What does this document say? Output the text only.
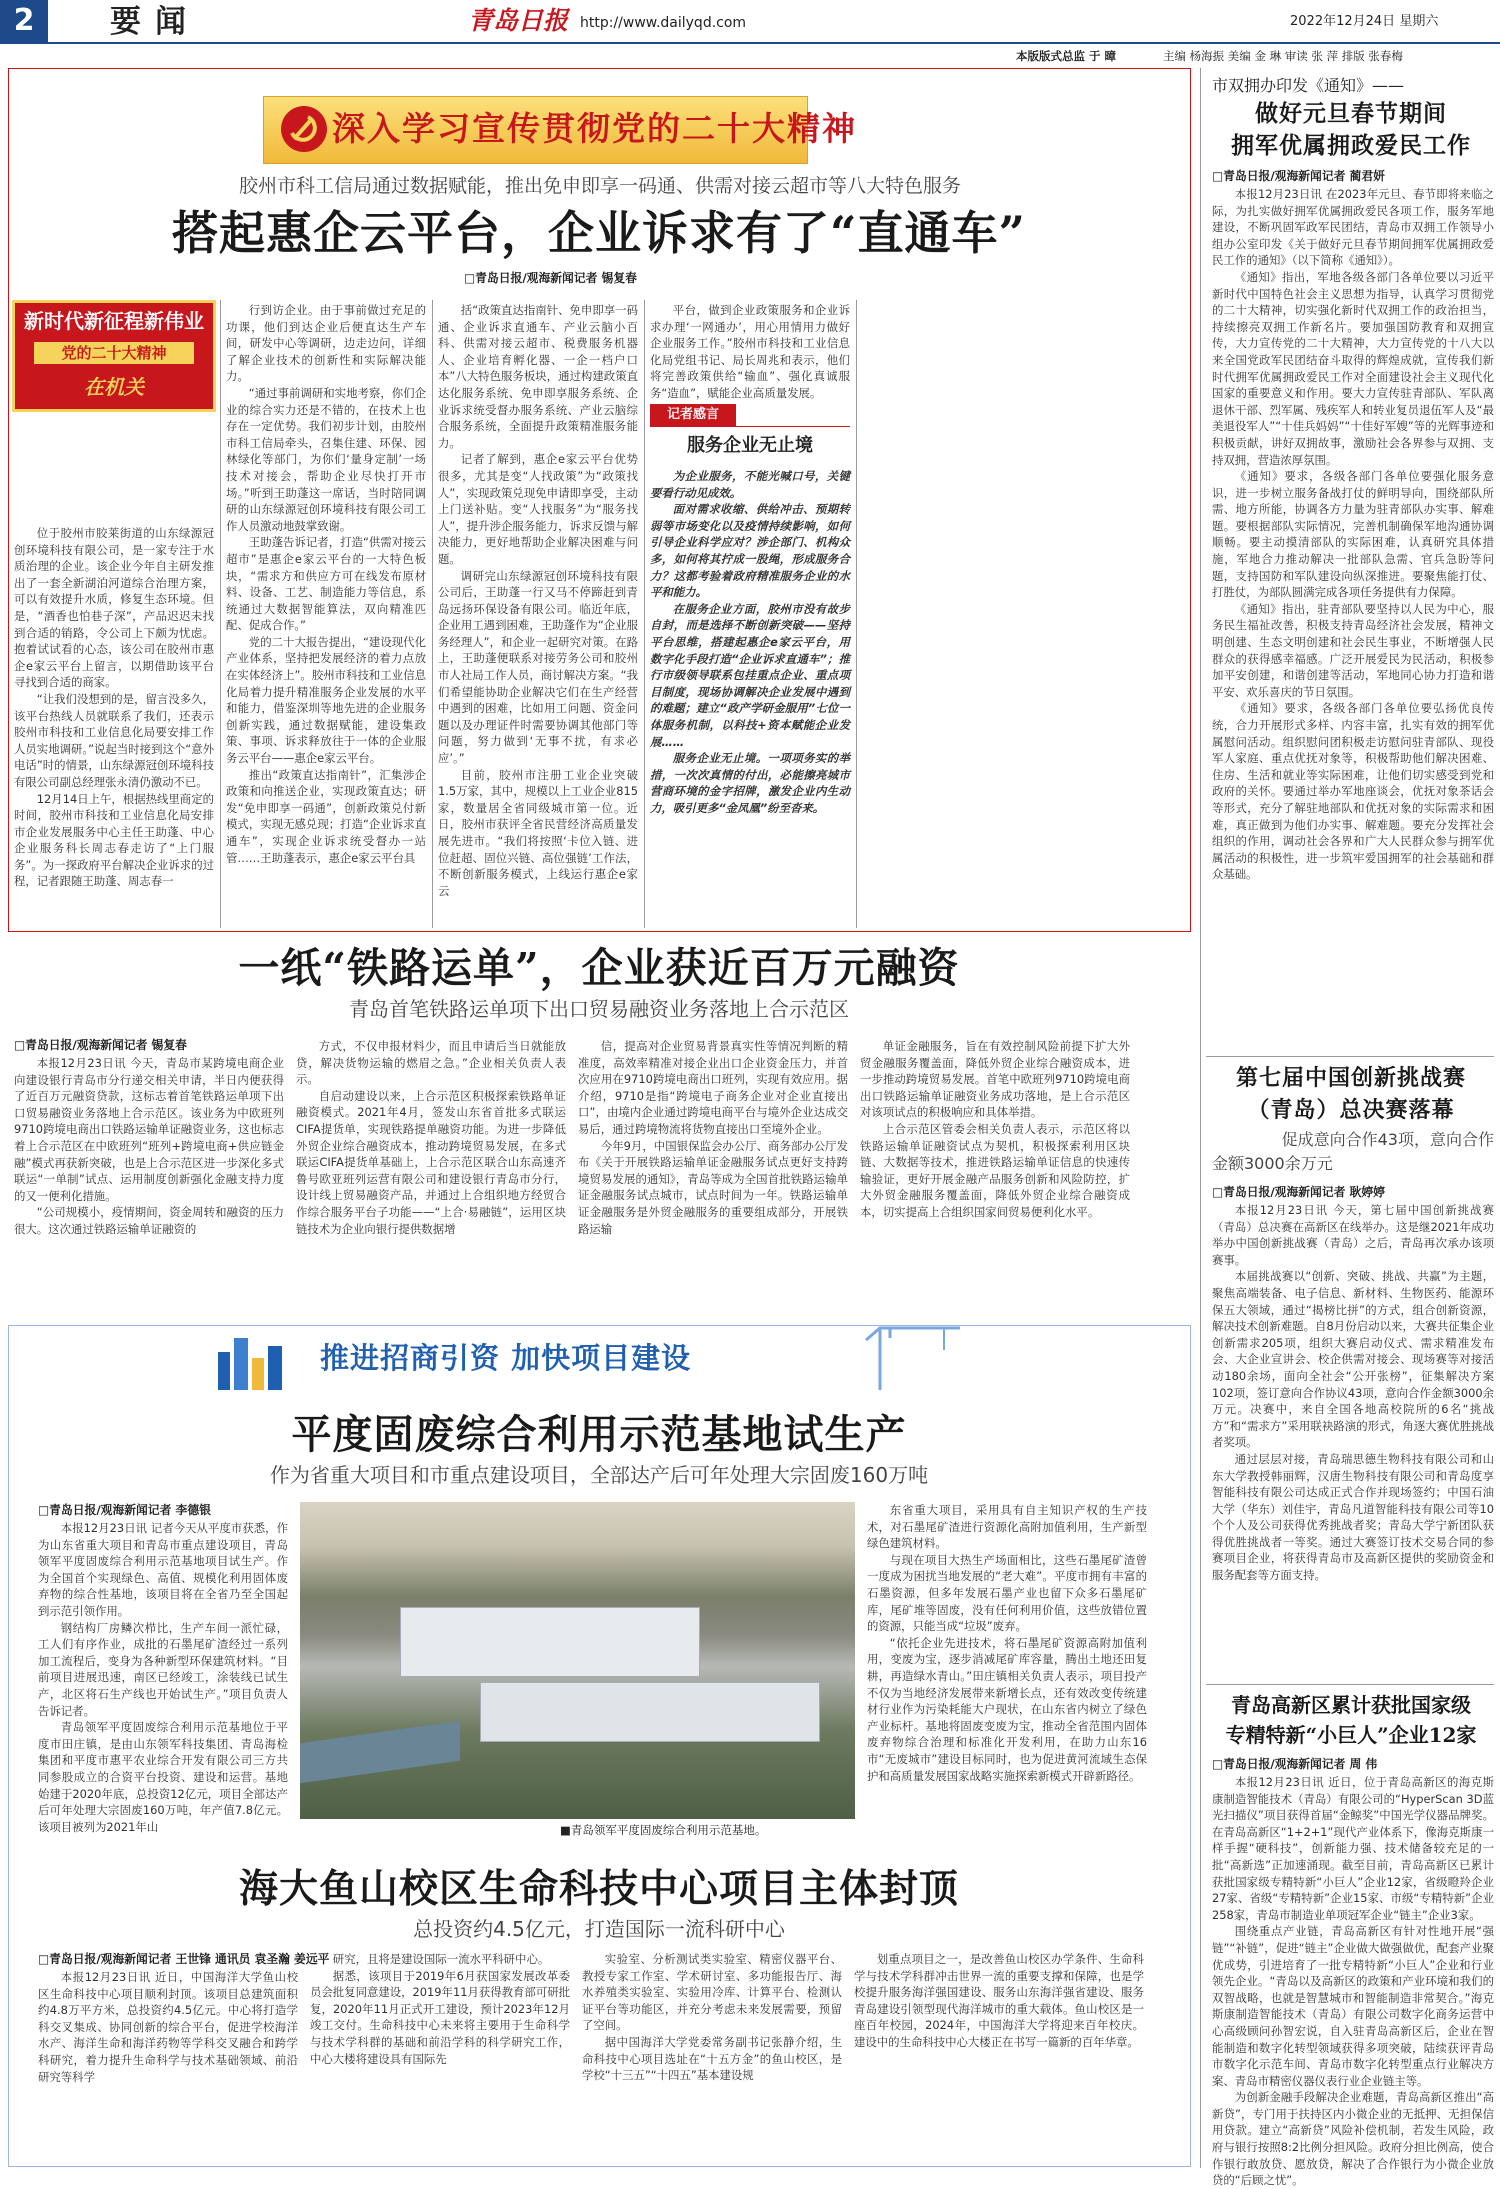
2	要闻	青岛日报 http://www.dailyqd.com	2022年12月24日 星期六
本版版式总监 于 暲	主编 杨海振 美编 金 琳 审读 张 萍 排版 张春梅
深入学习宣传贯彻党的二十大精神
胶州市科工信局通过数据赋能，推出免申即享一码通、供需对接云超市等八大特色服务
搭起惠企云平台，企业诉求有了“直通车”
□青岛日报/观海新闻记者 锡复春
新时代新征程新伟业
党的二十大精神
在机关

位于胶州市胶莱街道的山东绿源冠创环境科技有限公司，是一家专注于水质治理的企业。该企业今年自主研发推出了一套全新湖泊河道综合治理方案，可以有效提升水质，修复生态环境。但是，“酒香也怕巷子深”，产品迟迟未找到合适的销路，令公司上下颇为忧虑。抱着试试看的心态，该公司在胶州市惠企e家云平台上留言，以期借助该平台寻找到合适的商家。

“让我们没想到的是，留言没多久，该平台热线人员就联系了我们，还表示胶州市科技和工业信息化局要安排工作人员实地调研。”说起当时接到这个“意外电话”时的情景，山东绿源冠创环境科技有限公司副总经理张永清仍激动不已。

12月14日上午，根据热线里商定的时间，胶州市科技和工业信息化局安排市企业发展服务中心主任王助蓬、中心企业服务科长周志春走访了“上门服务”。为一探政府平台解决企业诉求的过程，记者跟随王助蓬、周志春一

行到访企业。由于事前做过充足的功课，他们到达企业后便直达生产车间，研发中心等调研，边走边问，详细了解企业技术的创新性和实际解决能力。

“通过事前调研和实地考察，你们企业的综合实力还是不错的，在技术上也存在一定优势。我们初步计划，由胶州市科工信局牵头，召集住建、环保、园林绿化等部门，为你们‘量身定制’一场技术对接会，帮助企业尽快打开市场。”听到王助蓬这一席话，当时陪同调研的山东绿源冠创环境科技有限公司工作人员激动地鼓掌致谢。

王助蓬告诉记者，打造“供需对接云超市”是惠企e家云平台的一大特色板块，“需求方和供应方可在线发布原材料、设备、工艺、制造能力等信息，系统通过大数据智能算法，双向精准匹配、促成合作。”

党的二十大报告提出，“建设现代化产业体系，坚持把发展经济的着力点放在实体经济上”。胶州市科技和工业信息化局着力提升精准服务企业发展的水平和能力，借鉴深圳等地先进的企业服务创新实践，通过数据赋能，建设集政策、事项、诉求释放往于一体的企业服务云平台——惠企e家云平台。

推出“政策直达指南针”，汇集涉企政策和向推送企业，实现政策直达；研发“免申即享一码通”，创新政策兑付新模式，实现无感兑现；打造“企业诉求直通车”，实现企业诉求统受督办一站管……王助蓬表示，惠企e家云平台具

括“政策直达指南针、免申即享一码通、企业诉求直通车、产业云脑小百科、供需对接云超市、税费服务机器人、企业培育孵化器、一企一档户口本”八大特色服务板块，通过构建政策直达化服务系统、免申即享服务系统、企业诉求统受督办服务系统、产业云脑综合服务系统，全面提升政策精准服务能力。

记者了解到，惠企e家云平台优势很多，尤其是变“人找政策”为“政策找人”，实现政策兑现免申请即享受，主动上门送补贴。变“人找服务”为“服务找人”，提升涉企服务能力，诉求反馈与解决能力，更好地帮助企业解决困难与问题。

调研完山东绿源冠创环境科技有限公司后，王助蓬一行又马不停蹄赶到青岛远扬环保设备有限公司。临近年底，企业用工遇到困难，王助蓬作为“企业服务经理人”，和企业一起研究对策。在路上，王助蓬便联系对接劳务公司和胶州市人社局工作人员，商讨解决方案。“我们希望能协助企业解决它们在生产经营中遇到的困难，比如用工问题、资金问题以及办理证件时需要协调其他部门等问题，努力做到‘无事不扰，有求必应’。”

目前，胶州市注册工业企业突破1.5万家，其中，规模以上工业企业815家，数量居全省同级城市第一位。近日，胶州市获评全省民营经济高质量发展先进市。“我们将按照‘卡位入链、进位赶超、固位兴链、高位强链’工作法，不断创新服务模式，上线运行惠企e家云

平台，做到企业政策服务和企业诉求办理‘一网通办’，用心用情用力做好企业服务工作。”胶州市科技和工业信息化局党组书记、局长周兆和表示，他们将完善政策供给“输血”、强化真诚服务“造血”，赋能企业高质量发展。

记者感言
服务企业无止境

为企业服务，不能光喊口号，关键要看行动见成效。

面对需求收缩、供给冲击、预期转弱等市场变化以及疫情持续影响，如何引导企业科学应对？涉企部门、机构众多，如何将其拧成一股绳，形成服务合力？这都考验着政府精准服务企业的水平和能力。

在服务企业方面，胶州市没有故步自封，而是选择不断创新突破——坚持平台思维，搭建起惠企e家云平台，用数字化手段打造“企业诉求直通车”；推行市级领导联系包挂重点企业、重点项目制度，现场协调解决企业发展中遇到的难题；建立“政产学研金服用”七位一体服务机制，以科技+资本赋能企业发展……

服务企业无止境。一项项务实的举措，一次次真情的付出，必能擦亮城市营商环境的金字招牌，激发企业内生动力，吸引更多“金凤凰”纷至沓来。

一纸“铁路运单”，企业获近百万元融资
青岛首笔铁路运单项下出口贸易融资业务落地上合示范区
□青岛日报/观海新闻记者 锡复春

本报12月23日讯 今天，青岛市某跨境电商企业向建设银行青岛市分行递交相关申请，半日内便获得了近百万元融资贷款，这标志着首笔铁路运单项下出口贸易融资业务落地上合示范区。该业务为中欧班列9710跨境电商出口铁路运输单证融资业务，这也标志着上合示范区在中欧班列“班列+跨境电商+供应链金融”模式再获新突破，也是上合示范区进一步深化多式联运“一单制”试点、运用制度创新强化金融支持力度的又一便利化措施。

“公司规模小，疫情期间，资金周转和融资的压力很大。这次通过铁路运输单证融资的

方式，不仅申报材料少，而且申请后当日就能放贷，解决货物运输的燃眉之急。”企业相关负责人表示。

自启动建设以来，上合示范区积极探索铁路单证融资模式。2021年4月，签发山东省首批多式联运CIFA提货单，实现铁路提单融资功能。为进一步降低外贸企业综合融资成本，推动跨境贸易发展，在多式联运CIFA提货单基础上，上合示范区联合山东高速齐鲁号欧亚班列运营有限公司和建设银行青岛市分行，设计线上贸易融资产品，并通过上合组织地方经贸合作综合服务平台子功能——“上合·易融链”，运用区块链技术为企业向银行提供数据增

信，提高对企业贸易背景真实性等情况判断的精准度，高效率精准对接企业出口企业资金压力，并首次应用在9710跨境电商出口班列，实现有效应用。据介绍，9710是指“跨境电子商务企业对企业直接出口”，由境内企业通过跨境电商平台与境外企业达成交易后，通过跨境物流将货物直接出口至境外企业。

今年9月，中国银保监会办公厅、商务部办公厅发布《关于开展铁路运输单证金融服务试点更好支持跨境贸易发展的通知》，青岛等成为全国首批铁路运输单证金融服务试点城市，试点时间为一年。铁路运输单证金融服务是外贸金融服务的重要组成部分，开展铁路运输

单证金融服务，旨在有效控制风险前提下扩大外贸金融服务覆盖面，降低外贸企业综合融资成本，进一步推动跨境贸易发展。首笔中欧班列9710跨境电商出口铁路运输单证融资业务成功落地，是上合示范区对该项试点的积极响应和具体举措。

上合示范区管委会相关负责人表示，示范区将以铁路运输单证融资试点为契机，积极探索利用区块链、大数据等技术，推进铁路运输单证信息的快速传输验证，更好开展金融产品服务创新和风险防控，扩大外贸金融服务覆盖面，降低外贸企业综合融资成本，切实提高上合组织国家间贸易便利化水平。

推进招商引资 加快项目建设
平度固废综合利用示范基地试生产
作为省重大项目和市重点建设项目，全部达产后可年处理大宗固废160万吨
□青岛日报/观海新闻记者 李德银

本报12月23日讯 记者今天从平度市获悉，作为山东省重大项目和青岛市重点建设项目，青岛领军平度固废综合利用示范基地项目试生产。作为全国首个实现绿色、高值、规模化利用固体废弃物的综合性基地，该项目将在全省乃至全国起到示范引领作用。

钢结构厂房鳞次栉比，生产车间一派忙碌，工人们有序作业，成批的石墨尾矿渣经过一系列加工流程后，变身为各种新型环保建筑材料。“目前项目进展迅速，南区已经竣工，涂装线已试生产，北区将石生产线也开始试生产。”项目负责人告诉记者。

青岛领军平度固废综合利用示范基地位于平度市田庄镇，是由山东领军科技集团、青岛海检集团和平度市惠平农业综合开发有限公司三方共同参股成立的合资平台投资、建设和运营。基地始建于2020年底，总投资12亿元，项目全部达产后可年处理大宗固废160万吨，年产值7.8亿元。该项目被列为2021年山	■青岛领军平度固废综合利用示范基地。

东省重大项目，采用具有自主知识产权的生产技术，对石墨尾矿渣进行资源化高附加值利用，生产新型绿色建筑材料。

与现在项目大热生产场面相比，这些石墨尾矿渣曾一度成为困扰当地发展的“老大难”。平度市拥有丰富的石墨资源，但多年发展石墨产业也留下众多石墨尾矿库，尾矿堆等固废，没有任何利用价值，这些放错位置的资源，只能当成“垃圾”废弃。

“依托企业先进技术，将石墨尾矿资源高附加值利用，变废为宝，逐步消减尾矿库容量，腾出土地还田复耕，再造绿水青山。”田庄镇相关负责人表示，项目投产不仅为当地经济发展带来新增长点，还有效改变传统建材行业作为污染耗能大户现状，在山东省内树立了绿色产业标杆。基地将固废变废为宝，推动全省范围内固体废弃物综合治理和标准化开发利用，在助力山东16市“无废城市”建设目标同时，也为促进黄河流域生态保护和高质量发展国家战略实施探索新模式开辟新路径。

海大鱼山校区生命科技中心项目主体封顶
总投资约4.5亿元，打造国际一流科研中心
□青岛日报/观海新闻记者 王世锋 通讯员 袁圣瀚 姜远平

本报12月23日讯 近日，中国海洋大学鱼山校区生命科技中心项目顺利封顶。该项目总建筑面积约4.8万平方米，总投资约4.5亿元。中心将打造学科交叉集成、协同创新的综合平台，促进学校海洋水产、海洋生命和海洋药物等学科交叉融合和跨学科研究，着力提升生命科学与技术基础领域、前沿研究等科学

研究，且将是建设国际一流水平科研中心。

据悉，该项目于2019年6月获国家发展改革委员会批复同意建设，2019年11月获得教育部可研批复，2020年11月正式开工建设，预计2023年12月竣工交付。生命科技中心未来将主要用于生命科学与技术学科群的基础和前沿学科的科学研究工作，中心大楼将建设具有国际先

实验室、分析测试类实验室、精密仪器平台、教授专家工作室、学术研讨室、多功能报告厅、海水养殖类实验室、实验用冷库、计算平台、检测认证平台等功能区，并充分考虑未来发展需要，预留了空间。

据中国海洋大学党委常务副书记张静介绍，生命科技中心项目选址在“十五方金”的鱼山校区，是学校“十三五”“十四五”基本建设规

划重点项目之一，是改善鱼山校区办学条件、生命科学与技术学科群冲击世界一流的重要支撑和保障，也是学校提升服务海洋强国建设、服务山东海洋强省建设、服务青岛建设引领型现代海洋城市的重大载体。鱼山校区是一座百年校园，2024年，中国海洋大学将迎来百年校庆。建设中的生命科技中心大楼正在书写一篇新的百年华章。

市双拥办印发《通知》——
做好元旦春节期间
拥军优属拥政爱民工作
□青岛日报/观海新闻记者 蔺君妍

本报12月23日讯 在2023年元旦、春节即将来临之际，为扎实做好拥军优属拥政爱民各项工作，服务军地建设，不断巩固军政军民团结，青岛市双拥工作领导小组办公室印发《关于做好元旦春节期间拥军优属拥政爱民工作的通知》（以下简称《通知》）。

《通知》指出，军地各级各部门各单位要以习近平新时代中国特色社会主义思想为指导，认真学习贯彻党的二十大精神，切实强化新时代双拥工作的政治担当，持续擦亮双拥工作新名片。要加强国防教育和双拥宣传，大力宣传党的二十大精神，大力宣传党的十八大以来全国党政军民团结奋斗取得的辉煌成就，宣传我们新时代拥军优属拥政爱民工作对全面建设社会主义现代化国家的重要意义和作用。要大力宣传驻青部队、军队离退休干部、烈军属、残疾军人和转业复员退伍军人及“最美退役军人”“十佳兵妈妈”“十佳好军嫂”等的光辉事迹和积极贡献，讲好双拥故事，激励社会各界参与双拥、支持双拥，营造浓厚氛围。

《通知》要求，各级各部门各单位要强化服务意识，进一步树立服务备战打仗的鲜明导向，围绕部队所需、地方所能，协调各方力量为驻青部队办实事、解难题。要根据部队实际情况，完善机制确保军地沟通协调顺畅。要主动摸清部队的实际困难，认真研究具体措施，军地合力推动解决一批部队急需、官兵急盼等问题，支持国防和军队建设向纵深推进。要聚焦能打仗、打胜仗，为部队圆满完成各项任务提供有力保障。

《通知》指出，驻青部队要坚持以人民为中心，服务民生福祉改善，积极支持青岛经济社会发展，精神文明创建、生态文明创建和社会民生事业，不断增强人民群众的获得感幸福感。广泛开展爱民为民活动，积极参加平安创建，和谐创建等活动，军地同心协力打造和谐平安、欢乐喜庆的节日氛围。

《通知》要求，各级各部门各单位要弘扬优良传统，合力开展形式多样、内容丰富，扎实有效的拥军优属慰问活动。组织慰问团积极走访慰问驻青部队、现役军人家庭、重点优抚对象等，积极帮助他们解决困难、住房、生活和就业等实际困难，让他们切实感受到党和政府的关怀。要通过举办军地座谈会，优抚对象茶话会等形式，充分了解驻地部队和优抚对象的实际需求和困难，真正做到为他们办实事、解难题。要充分发挥社会组织的作用，调动社会各界和广大人民群众参与拥军优属活动的积极性，进一步筑牢爱国拥军的社会基础和群众基础。

第七届中国创新挑战赛
（青岛）总决赛落幕
促成意向合作43项，意向合作
金额3000余万元
□青岛日报/观海新闻记者 耿婷婷

本报12月23日讯 今天，第七届中国创新挑战赛（青岛）总决赛在高新区在线举办。这是继2021年成功举办中国创新挑战赛（青岛）之后，青岛再次承办该项赛事。

本届挑战赛以“创新、突破、挑战、共赢”为主题，聚焦高端装备、电子信息、新材料、生物医药、能源环保五大领域，通过“揭榜比拼”的方式，组合创新资源，解决技术创新难题。自8月份启动以来，大赛共征集企业创新需求205项，组织大赛启动仪式、需求精准发布会、大企业宣讲会、校企供需对接会、现场赛等对接活动180余场，面向全社会“公开张榜”，征集解决方案102项，签订意向合作协议43项，意向合作金额3000余万元。决赛中，来自全国各地高校院所的6名“挑战方”和“需求方”采用联袂路演的形式，角逐大赛优胜挑战者奖项。

通过层层对接，青岛瑞思德生物科技有限公司和山东大学教授韩丽辉，汉唐生物科技有限公司和青岛度享智能科技有限公司达成正式合作并现场签约；中国石油大学（华东）刘佳宇，青岛凡道智能科技有限公司等10个个人及公司获得优秀挑战者奖；青岛大学宁新团队获得优胜挑战者一等奖。通过大赛签订技术交易合同的参赛项目企业，将获得青岛市及高新区提供的奖励资金和服务配套等方面支持。

青岛高新区累计获批国家级
专精特新“小巨人”企业12家
□青岛日报/观海新闻记者 周 伟

本报12月23日讯 近日，位于青岛高新区的海克斯康制造智能技术（青岛）有限公司的“HyperScan 3D蓝光扫描仪”项目获得首届“金鲸奖”中国光学仪器品牌奖。在青岛高新区“1+2+1”现代产业体系下，像海克斯康一样手握“硬科技”，创新能力强、技术储备较充足的一批“高新选”正加速涌现。截至目前，青岛高新区已累计获批国家级专精特新“小巨人”企业12家，省级瞪羚企业27家、省级“专精特新”企业15家、市级“专精特新”企业258家，青岛市制造业单项冠军企业“链主”企业3家。

围绕重点产业链，青岛高新区有针对性地开展“强链”“补链”，促进“链主”企业做大做强做优，配套产业聚优成势，引进培育了一批专精特新“小巨人”企业和行业领先企业。“青岛以及高新区的政策和产业环境和我们的双智战略，也就是智慧城市和智能制造非常契合。”海克斯康制造智能技术（青岛）有限公司数字化商务运营中心高级顾问孙智宏说，自入驻青岛高新区后，企业在智能制造和数字化转型领域获得多项突破，陆续获评青岛市数字化示范车间、青岛市数字化转型重点行业解决方案、青岛市精密仪器仪表行业企业链主等。

为创新金融手段解决企业难题，青岛高新区推出“高新贷”，专门用于扶持区内小微企业的无抵押、无担保信用贷款。建立“高新贷”风险补偿机制，若发生风险，政府与银行按照8:2比例分担风险。政府分担比例高，使合作银行敢放贷、愿放贷，解决了合作银行为小微企业放贷的“后顾之忧”。
